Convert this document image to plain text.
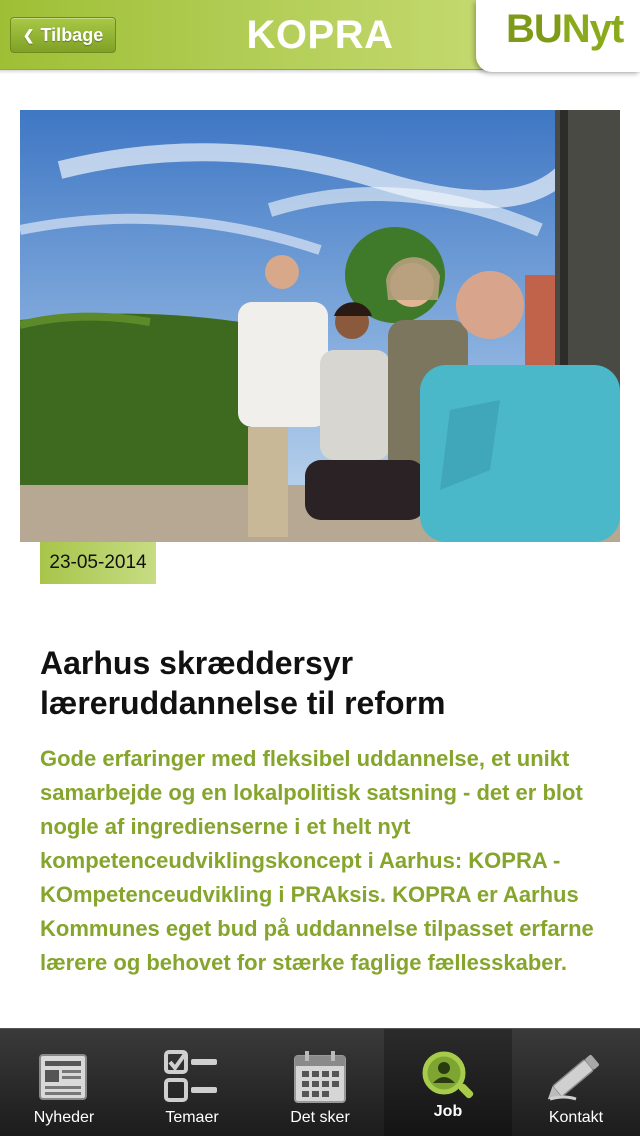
❮ Tilbage	KOPRA	BUNyt
23-05-2014
Aarhus skræddersyr
læreruddannelse til reform
Gode erfaringer med fleksibel uddannelse, et unikt samarbejde og en lokalpolitisk satsning - det er blot nogle af ingredienserne i et helt nyt kompetenceudviklingskoncept i Aarhus: KOPRA - KOmpetenceudvikling i PRAksis. KOPRA er Aarhus Kommunes eget bud på uddannelse tilpasset erfarne lærere og behovet for stærke faglige fællesskaber.
Nyheder	Temaer	Det sker	Job	Kontakt
